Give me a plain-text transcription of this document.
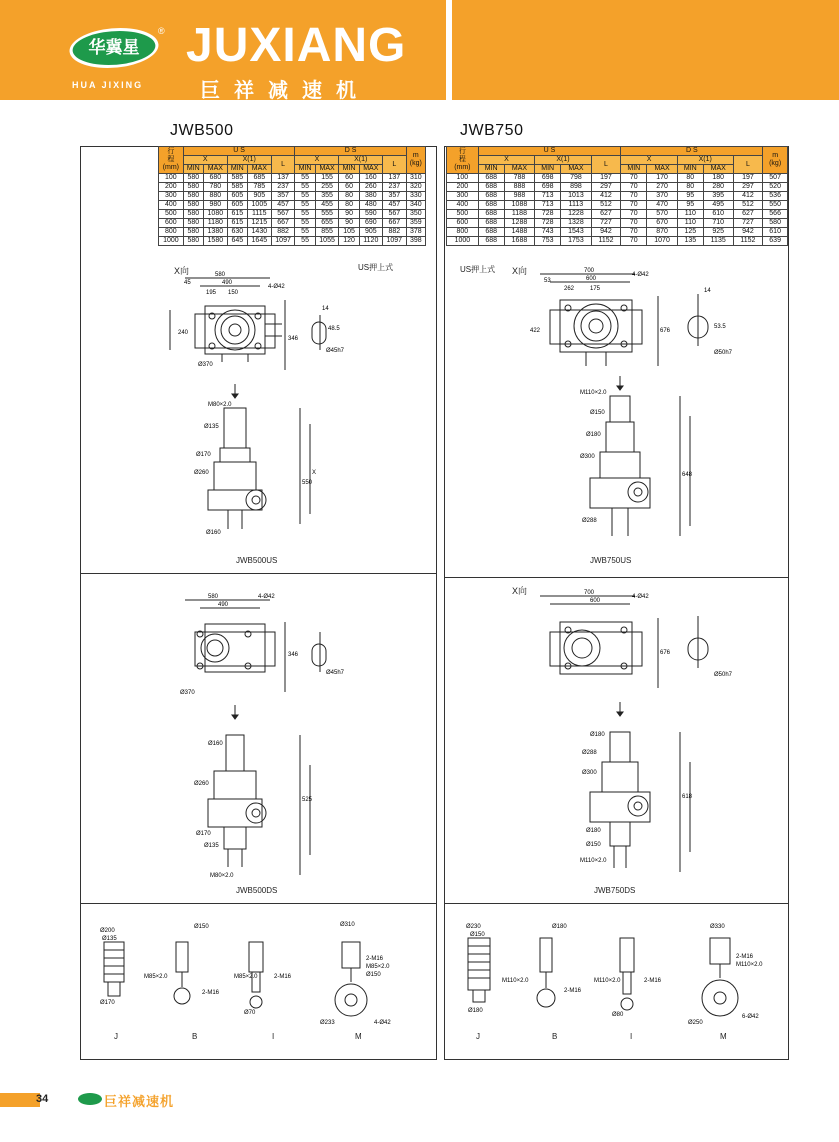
华冀星
®
HUA JIXING
JUXIANG
巨祥减速机
JWB500	JWB750
行
程
(mm)	U S					D S					m
(kg)
	X		X(1)		L	X		X(1)		L	
	MIN	MAX	MIN	MAX		MIN	MAX	MIN	MAX		
100	580	680	585	685	137	55	155	60	160	137	310
200	580	780	585	785	237	55	255	60	260	237	320
300	580	880	605	905	357	55	355	80	380	357	330
400	580	980	605	1005	457	55	455	80	480	457	340
500	580	1080	615	1115	567	55	555	90	590	567	350
600	580	1180	615	1215	667	55	655	90	690	667	359
800	580	1380	630	1430	882	55	855	105	905	882	378
1000	580	1580	645	1645	1097	55	1055	120	1120	1097	398
行
程
(mm)	U S					D S					m
(kg)
	X		X(1)		L	X		X(1)		L	
	MIN	MAX	MIN	MAX		MIN	MAX	MIN	MAX		
100	688	788	698	798	197	70	170	80	180	197	507
200	688	888	698	898	297	70	270	80	280	297	520
300	688	988	713	1013	412	70	370	95	395	412	536
400	688	1088	713	1113	512	70	470	95	495	512	550
500	688	1188	728	1228	627	70	570	110	610	627	566
600	688	1288	728	1328	727	70	670	110	710	727	580
800	688	1488	743	1543	942	70	870	125	925	942	610
1000	688	1688	753	1753	1152	70	1070	135	1135	1152	639
X向	US押上式
580
490
195 150
45
4-Ø42
346
240
Ø370
14
48.5
Ø45h7
M80×2.0
Ø135
Ø170
Ø260
Ø160
550
X
JWB500US
580
490
4-Ø42
346
Ø370
Ø45h7
Ø160
Ø260
Ø170
Ø135
M80×2.0
525
JWB500DS
Ø200
Ø135
Ø170
Ø150
M85×2.0
2-M16
M85×2.0	2-M16
Ø70
Ø310
2-M16
M85×2.0
Ø150
Ø233	4-Ø42
J	B	I	M
US押上式 X向	700
600
262	175
53
4-Ø42
422	676
14
53.5
Ø50h7
M110×2.0
Ø150
Ø180
Ø300
Ø288
648
JWB750US
X向	700
600
4-Ø42
676
Ø50h7
Ø180
Ø288
Ø300
Ø180
Ø150
M110×2.0
618
JWB750DS
Ø230
Ø150
Ø180
Ø180
M110×2.0
2-M16
M110×2.0	2-M16
Ø80
Ø330
2-M16
M110×2.0
Ø250
6-Ø42
J	B	I	M
34	巨祥减速机
